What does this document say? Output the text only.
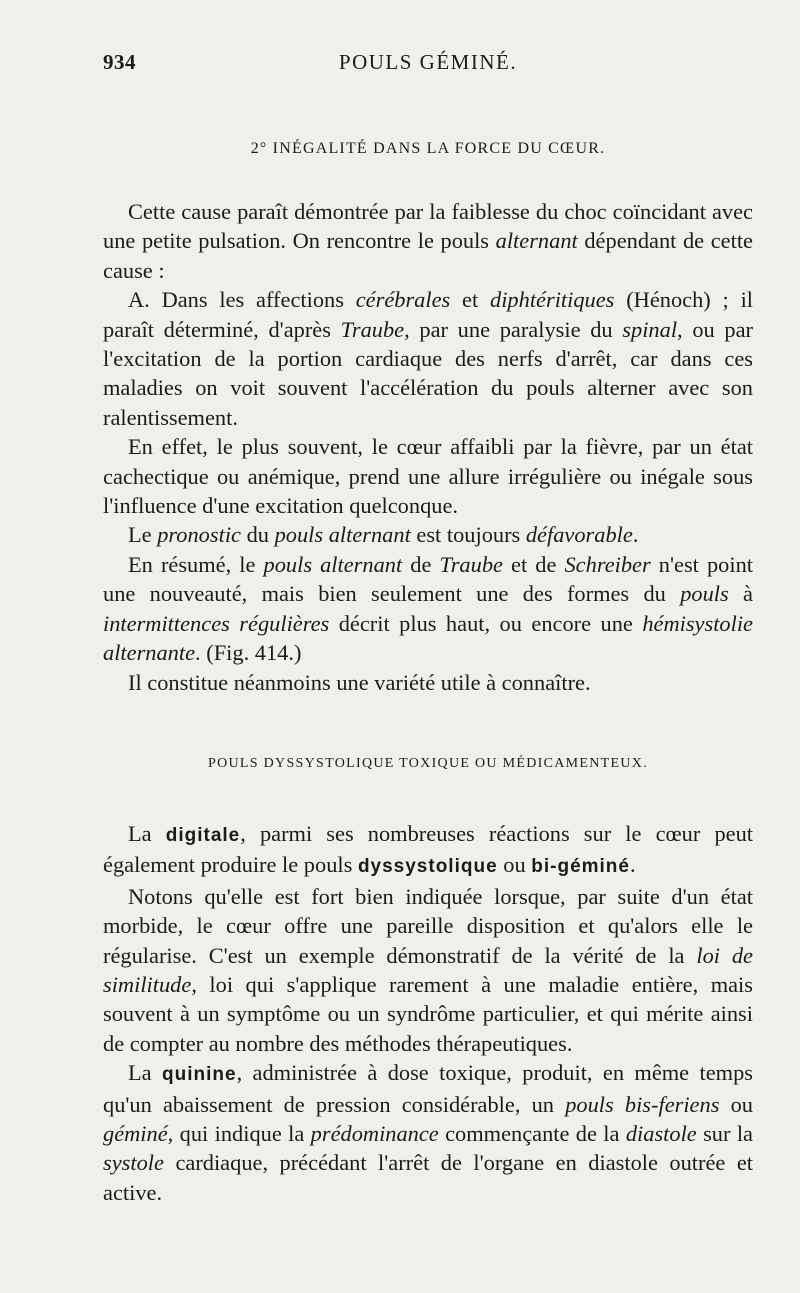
934	POULS GÉMINÉ.
2° INÉGALITÉ DANS LA FORCE DU CŒUR.

Cette cause paraît démontrée par la faiblesse du choc coïncidant avec une petite pulsation. On rencontre le pouls alternant dépendant de cette cause :

A. Dans les affections cérébrales et diphtéritiques (Hénoch) ; il paraît déterminé, d'après Traube, par une paralysie du spinal, ou par l'excitation de la portion cardiaque des nerfs d'arrêt, car dans ces maladies on voit souvent l'accélération du pouls alterner avec son ralentissement.

En effet, le plus souvent, le cœur affaibli par la fièvre, par un état cachectique ou anémique, prend une allure irrégulière ou inégale sous l'influence d'une excitation quelconque.

Le pronostic du pouls alternant est toujours défavorable.

En résumé, le pouls alternant de Traube et de Schreiber n'est point une nouveauté, mais bien seulement une des formes du pouls à intermittences régulières décrit plus haut, ou encore une hémisystolie alternante. (Fig. 414.)

Il constitue néanmoins une variété utile à connaître.

POULS DYSSYSTOLIQUE TOXIQUE OU MÉDICAMENTEUX.

La digitale, parmi ses nombreuses réactions sur le cœur peut également produire le pouls dyssystolique ou bi-géminé.

Notons qu'elle est fort bien indiquée lorsque, par suite d'un état morbide, le cœur offre une pareille disposition et qu'alors elle le régularise. C'est un exemple démonstratif de la vérité de la loi de similitude, loi qui s'applique rarement à une maladie entière, mais souvent à un symptôme ou un syndrôme particulier, et qui mérite ainsi de compter au nombre des méthodes thérapeutiques.

La quinine, administrée à dose toxique, produit, en même temps qu'un abaissement de pression considérable, un pouls bis-feriens ou géminé, qui indique la prédominance commençante de la diastole sur la systole cardiaque, précédant l'arrêt de l'organe en diastole outrée et active.
